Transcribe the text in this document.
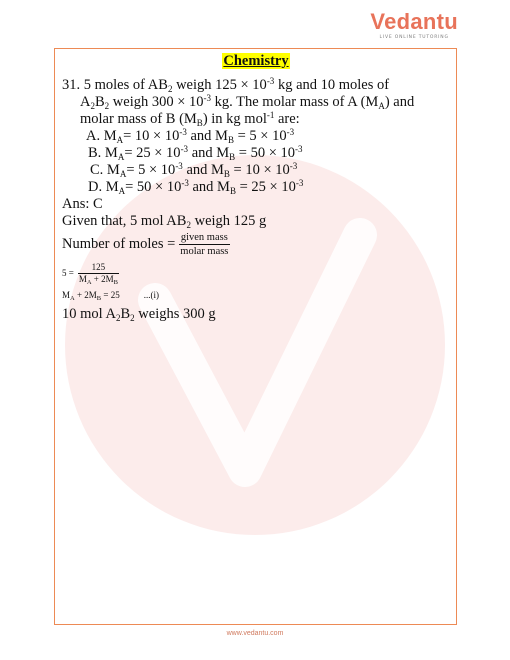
Vedantu
LIVE ONLINE TUTORING
Chemistry
31. 5 moles of $AB_2$ weigh $125 \times 10^{-3}$ kg and 10 moles of
$A_2B_2$ weigh $300 \times 10^{-3}$ kg. The molar mass of A $(M_A)$ and
molar mass of B $(M_B)$ in kg mol$^{-1}$ are:
A. $M_A= 10 \times 10^{-3}$ and $M_B = 5 \times 10^{-3}$
B. $M_A= 25 \times 10^{-3}$ and $M_B = 50 \times 10^{-3}$
C. $M_A= 5 \times 10^{-3}$ and $M_B = 10 \times 10^{-3}$
D. $M_A= 50 \times 10^{-3}$ and $M_B = 25 \times 10^{-3}$
Ans: C
Given that, 5 mol $AB_2$ weigh 125 g
Number of moles = $\frac{\text{given mass}}{\text{molar mass}}$
$5 = \frac{125}{M_A + 2M_B}$
$M_A + 2M_B = 25$	...(i)
10 mol $A_2B_2$ weighs 300 g
www.vedantu.com
